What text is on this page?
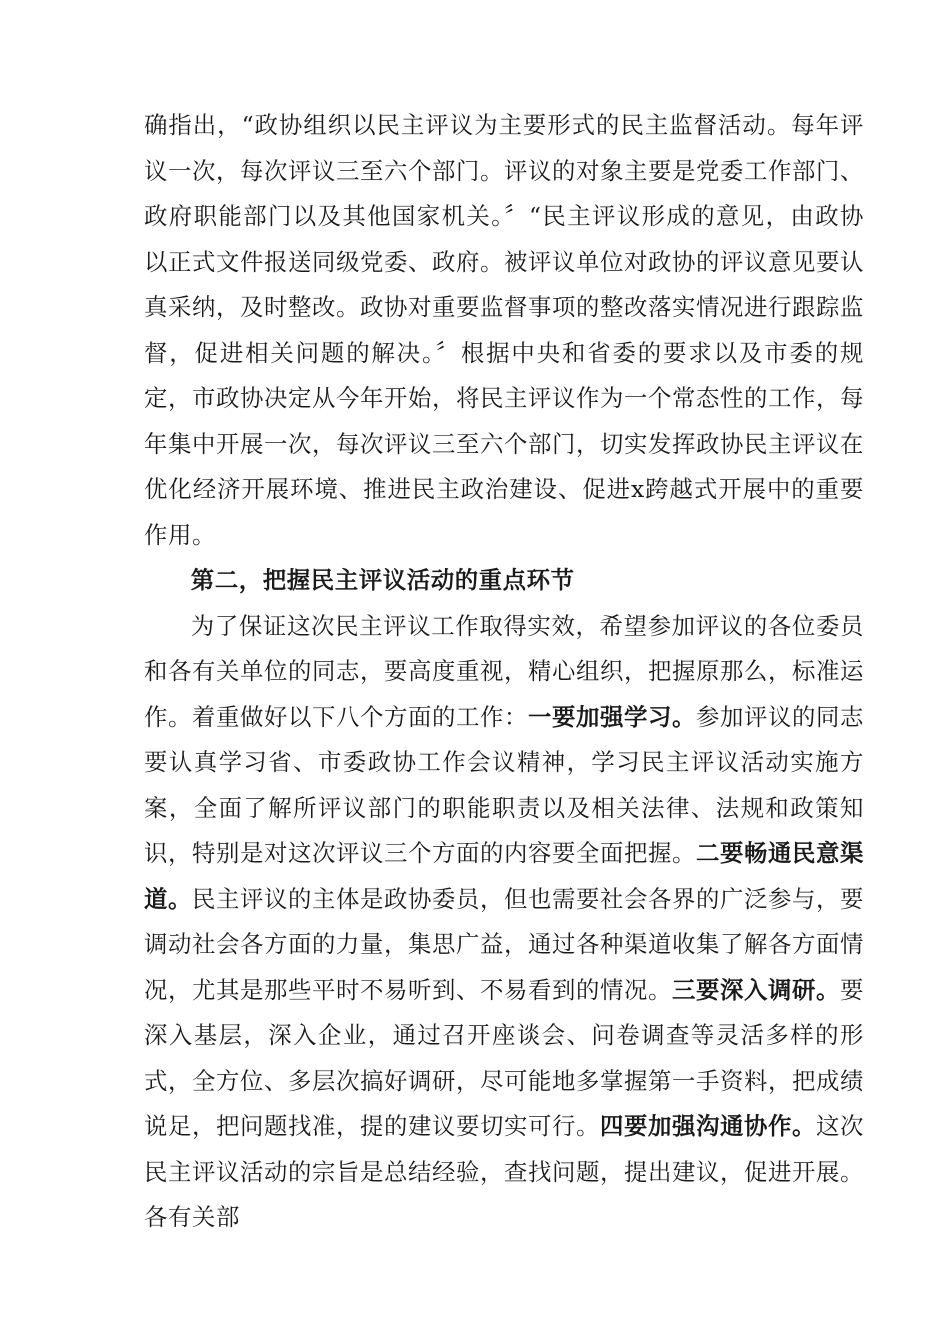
确指出，“政协组织以民主评议为主要形式的民主监督活动。每年评议一次，每次评议三至六个部门。评议的对象主要是党委工作部门、政府职能部门以及其他国家机关。〞“民主评议形成的意见，由政协以正式文件报送同级党委、政府。被评议单位对政协的评议意见要认真采纳，及时整改。政协对重要监督事项的整改落实情况进行跟踪监督，促进相关问题的解决。〞根据中央和省委的要求以及市委的规定，市政协决定从今年开始，将民主评议作为一个常态性的工作，每年集中开展一次，每次评议三至六个部门，切实发挥政协民主评议在优化经济开展环境、推进民主政治建设、促进x跨越式开展中的重要作用。

第二，把握民主评议活动的重点环节

为了保证这次民主评议工作取得实效，希望参加评议的各位委员和各有关单位的同志，要高度重视，精心组织，把握原那么，标准运作。着重做好以下八个方面的工作：一要加强学习。参加评议的同志要认真学习省、市委政协工作会议精神，学习民主评议活动实施方案，全面了解所评议部门的职能职责以及相关法律、法规和政策知识，特别是对这次评议三个方面的内容要全面把握。二要畅通民意渠道。民主评议的主体是政协委员，但也需要社会各界的广泛参与，要调动社会各方面的力量，集思广益，通过各种渠道收集了解各方面情况，尤其是那些平时不易听到、不易看到的情况。三要深入调研。要深入基层，深入企业，通过召开座谈会、问卷调查等灵活多样的形式，全方位、多层次搞好调研，尽可能地多掌握第一手资料，把成绩说足，把问题找准，提的建议要切实可行。四要加强沟通协作。这次民主评议活动的宗旨是总结经验，查找问题，提出建议，促进开展。各有关部
